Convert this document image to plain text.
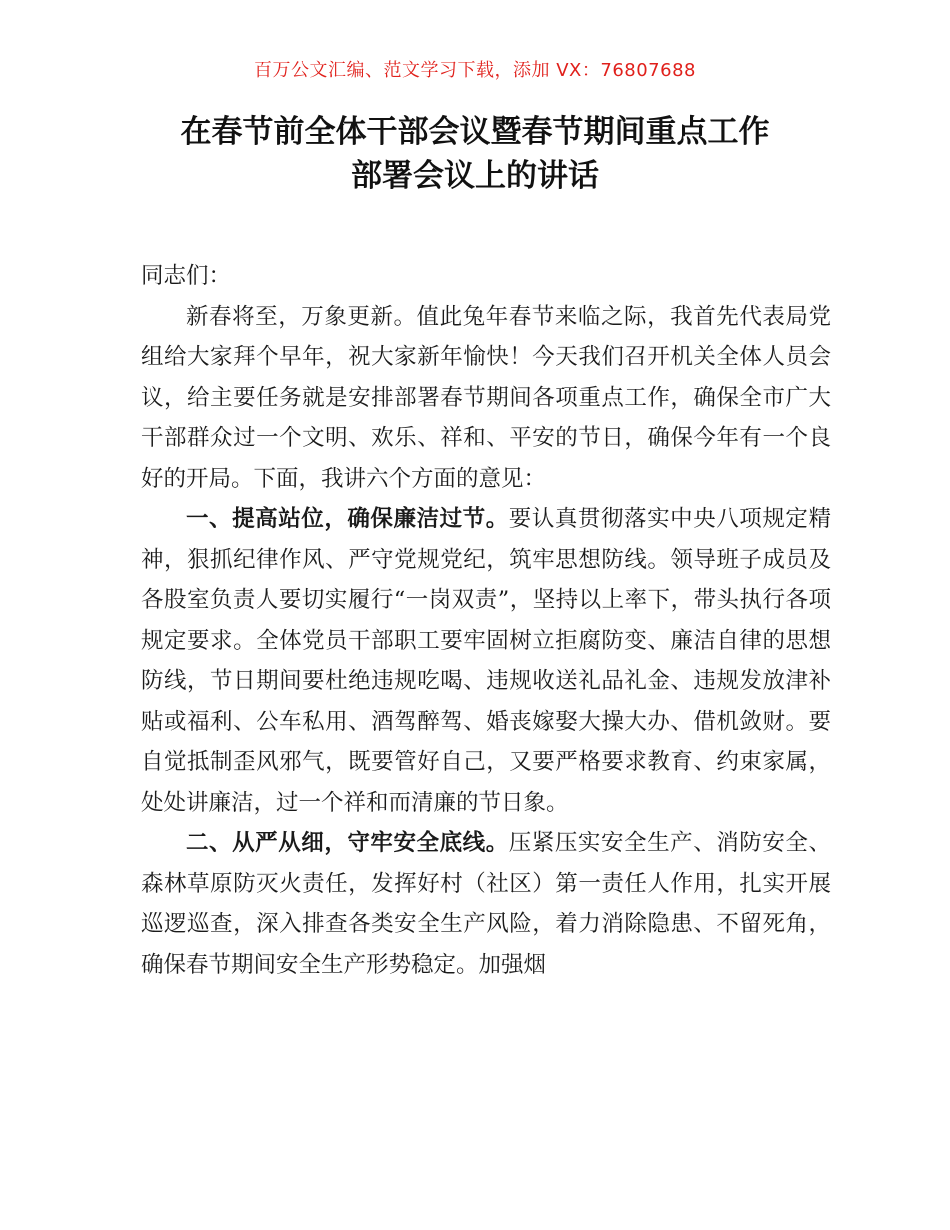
百万公文汇编、范文学习下载，添加 VX：76807688
在春节前全体干部会议暨春节期间重点工作
部署会议上的讲话

同志们：

新春将至，万象更新。值此兔年春节来临之际，我首先代表局党组给大家拜个早年，祝大家新年愉快！今天我们召开机关全体人员会议，给主要任务就是安排部署春节期间各项重点工作，确保全市广大干部群众过一个文明、欢乐、祥和、平安的节日，确保今年有一个良好的开局。下面，我讲六个方面的意见：

一、提高站位，确保廉洁过节。要认真贯彻落实中央八项规定精神，狠抓纪律作风、严守党规党纪，筑牢思想防线。领导班子成员及各股室负责人要切实履行“一岗双责”，坚持以上率下，带头执行各项规定要求。全体党员干部职工要牢固树立拒腐防变、廉洁自律的思想防线，节日期间要杜绝违规吃喝、违规收送礼品礼金、违规发放津补贴或福利、公车私用、酒驾醉驾、婚丧嫁娶大操大办、借机敛财。要自觉抵制歪风邪气，既要管好自己，又要严格要求教育、约束家属，处处讲廉洁，过一个祥和而清廉的节日象。

二、从严从细，守牢安全底线。压紧压实安全生产、消防安全、森林草原防灭火责任，发挥好村（社区）第一责任人作用，扎实开展巡逻巡查，深入排查各类安全生产风险，着力消除隐患、不留死角，确保春节期间安全生产形势稳定。加强烟
